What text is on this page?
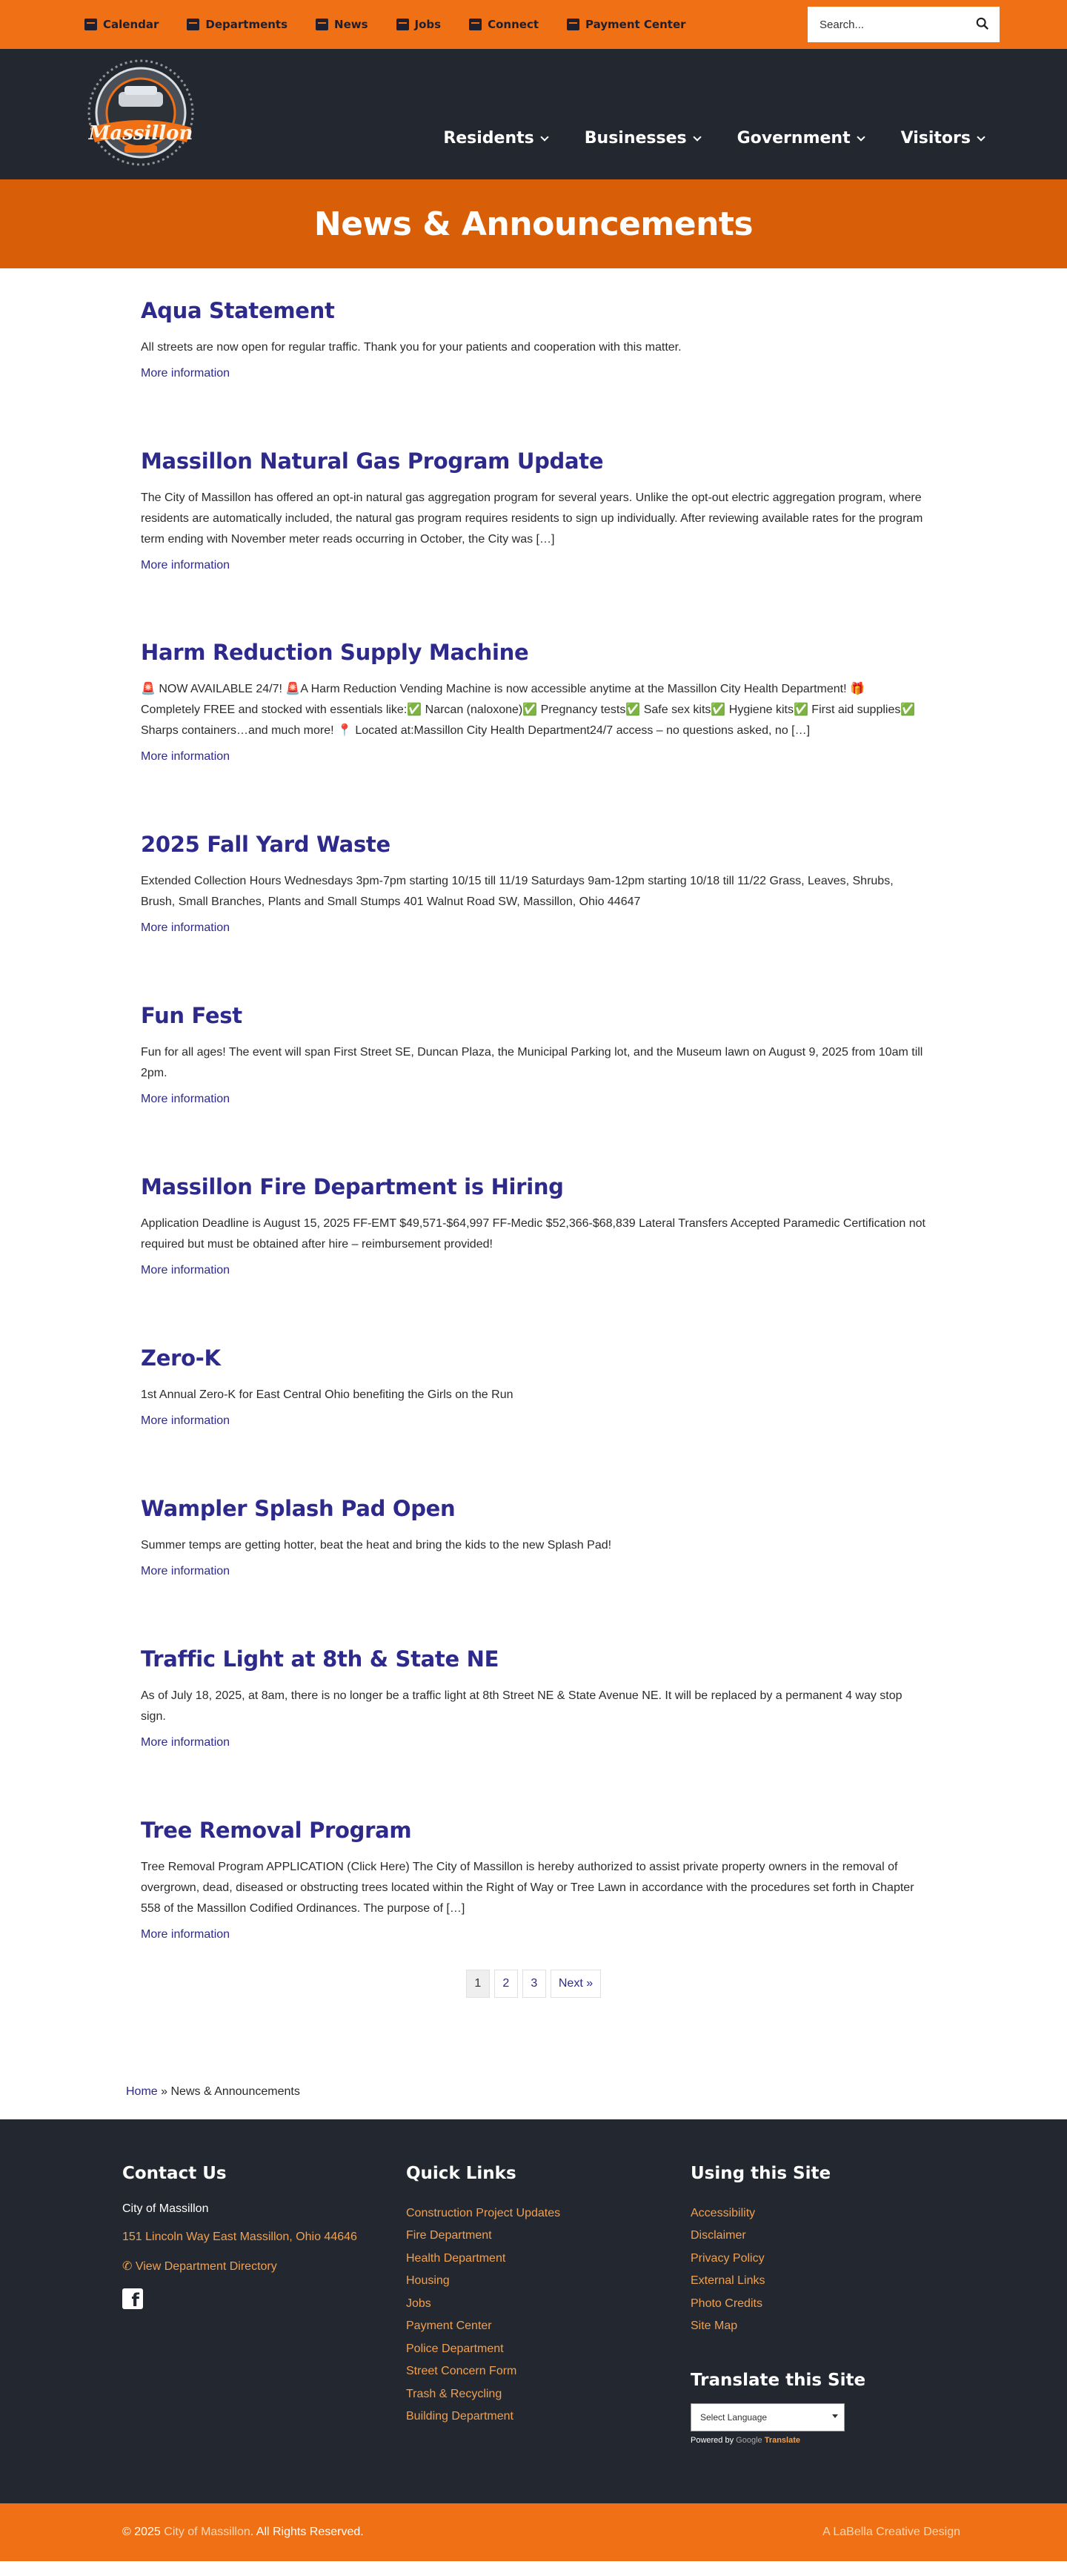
Calendar	Departments	News	Jobs	Connect	Payment Center	Search...
Massillon	Residents	Businesses	Government	Visitors
News & Announcements
Aqua Statement

All streets are now open for regular traffic. Thank you for your patients and cooperation with this matter.

More information
Massillon Natural Gas Program Update

The City of Massillon has offered an opt-in natural gas aggregation program for several years. Unlike the opt-out electric aggregation program, where residents are automatically included, the natural gas program requires residents to sign up individually. After reviewing available rates for the program term ending with November meter reads occurring in October, the City was […]

More information
Harm Reduction Supply Machine

🚨 NOW AVAILABLE 24/7! 🚨A Harm Reduction Vending Machine is now accessible anytime at the Massillon City Health Department! 🎁 Completely FREE and stocked with essentials like:✅ Narcan (naloxone)✅ Pregnancy tests✅ Safe sex kits✅ Hygiene kits✅ First aid supplies✅ Sharps containers…and much more! 📍 Located at:Massillon City Health Department24/7 access – no questions asked, no […]

More information
2025 Fall Yard Waste

Extended Collection Hours Wednesdays 3pm-7pm starting 10/15 till 11/19 Saturdays 9am-12pm starting 10/18 till 11/22 Grass, Leaves, Shrubs, Brush, Small Branches, Plants and Small Stumps 401 Walnut Road SW, Massillon, Ohio 44647

More information
Fun Fest

Fun for all ages! The event will span First Street SE, Duncan Plaza, the Municipal Parking lot, and the Museum lawn on August 9, 2025 from 10am till 2pm.

More information
Massillon Fire Department is Hiring

Application Deadline is August 15, 2025 FF-EMT $49,571-$64,997 FF-Medic $52,366-$68,839 Lateral Transfers Accepted Paramedic Certification not required but must be obtained after hire – reimbursement provided!

More information
Zero-K

1st Annual Zero-K for East Central Ohio benefiting the Girls on the Run

More information
Wampler Splash Pad Open

Summer temps are getting hotter, beat the heat and bring the kids to the new Splash Pad!

More information
Traffic Light at 8th & State NE

As of July 18, 2025, at 8am, there is no longer be a traffic light at 8th Street NE & State Avenue NE. It will be replaced by a permanent 4 way stop sign.

More information
Tree Removal Program

Tree Removal Program APPLICATION (Click Here) The City of Massillon is hereby authorized to assist private property owners in the removal of overgrown, dead, diseased or obstructing trees located within the Right of Way or Tree Lawn in accordance with the procedures set forth in Chapter 558 of the Massillon Codified Ordinances. The purpose of […]

More information
1	2	3	Next »
Home » News & Announcements
Contact Us
City of Massillon
151 Lincoln Way East Massillon, Ohio 44646
✆ View Department Directory
f
Quick Links
Construction Project Updates
Fire Department
Health Department
Housing
Jobs
Payment Center
Police Department
Street Concern Form
Trash & Recycling
Building Department
Using this Site
Accessibility
Disclaimer
Privacy Policy
External Links
Photo Credits
Site Map
Translate this Site
Select Language
Powered by Google Translate
© 2025 City of Massillon. All Rights Reserved.	A LaBella Creative Design
